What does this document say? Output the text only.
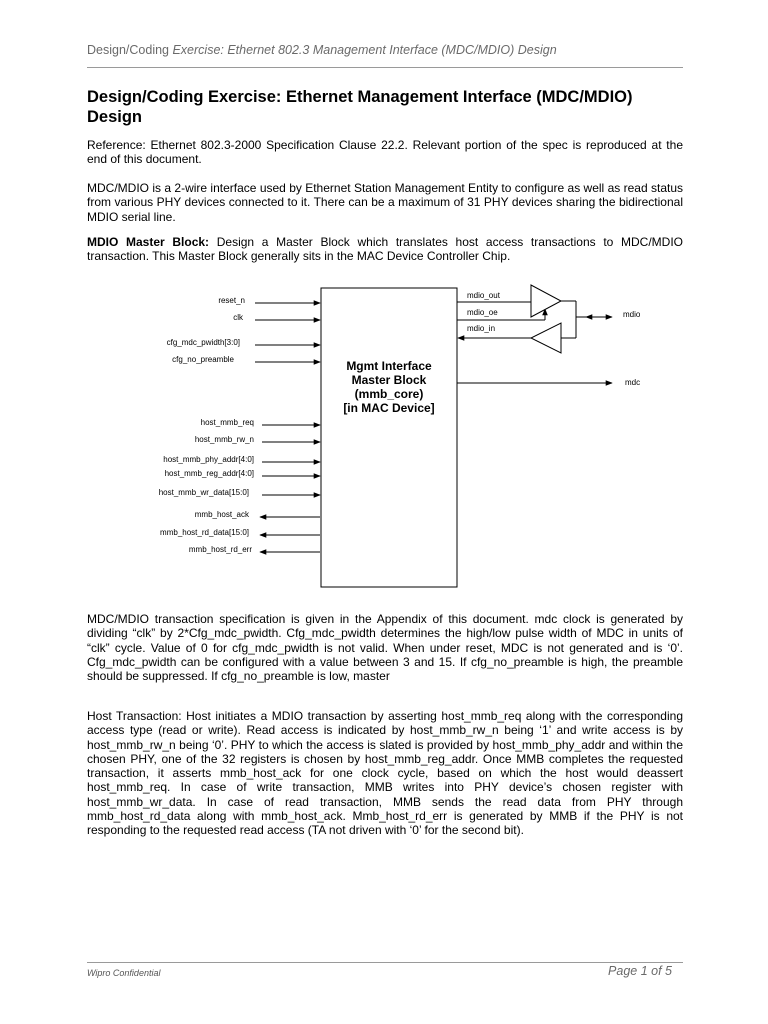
Design/Coding Exercise: Ethernet 802.3 Management Interface (MDC/MDIO) Design
Design/Coding Exercise: Ethernet Management Interface (MDC/MDIO) Design

Reference: Ethernet 802.3-2000 Specification Clause 22.2. Relevant portion of the spec is reproduced at the end of this document.

MDC/MDIO is a 2-wire interface used by Ethernet Station Management Entity to configure as well as read status from various PHY devices connected to it. There can be a maximum of 31 PHY devices sharing the bidirectional MDIO serial line.

MDIO Master Block: Design a Master Block which translates host access transactions to MDC/MDIO transaction. This Master Block generally sits in the MAC Device Controller Chip.

Mgmt Interface
Master Block
(mmb_core)
[in MAC Device]
reset_n
clk
cfg_mdc_pwidth[3:0]
cfg_no_preamble
host_mmb_req
host_mmb_rw_n
host_mmb_phy_addr[4:0]
host_mmb_reg_addr[4:0]
host_mmb_wr_data[15:0]
mmb_host_ack
mmb_host_rd_data[15:0]
mmb_host_rd_err
mdio_out
mdio_oe
mdio_in
mdio
mdc

MDC/MDIO transaction specification is given in the Appendix of this document. mdc clock is generated by dividing “clk” by 2*Cfg_mdc_pwidth. Cfg_mdc_pwidth determines the high/low pulse width of MDC in units of “clk” cycle. Value of 0 for cfg_mdc_pwidth is not valid. When under reset, MDC is not generated and is ‘0’. Cfg_mdc_pwidth can be configured with a value between 3 and 15. If cfg_no_preamble is high, the preamble should be suppressed. If cfg_no_preamble is low, master

Host Transaction: Host initiates a MDIO transaction by asserting host_mmb_req along with the corresponding access type (read or write). Read access is indicated by host_mmb_rw_n being ‘1’ and write access is by host_mmb_rw_n being ‘0’. PHY to which the access is slated is provided by host_mmb_phy_addr and within the chosen PHY, one of the 32 registers is chosen by host_mmb_reg_addr. Once MMB completes the requested transaction, it asserts mmb_host_ack for one clock cycle, based on which the host would deassert host_mmb_req. In case of write transaction, MMB writes into PHY device’s chosen register with host_mmb_wr_data. In case of read transaction, MMB sends the read data from PHY through mmb_host_rd_data along with mmb_host_ack. Mmb_host_rd_err is generated by MMB if the PHY is not responding to the requested read access (TA not driven with ‘0’ for the second bit).

Wipro Confidential	Page 1 of 5
